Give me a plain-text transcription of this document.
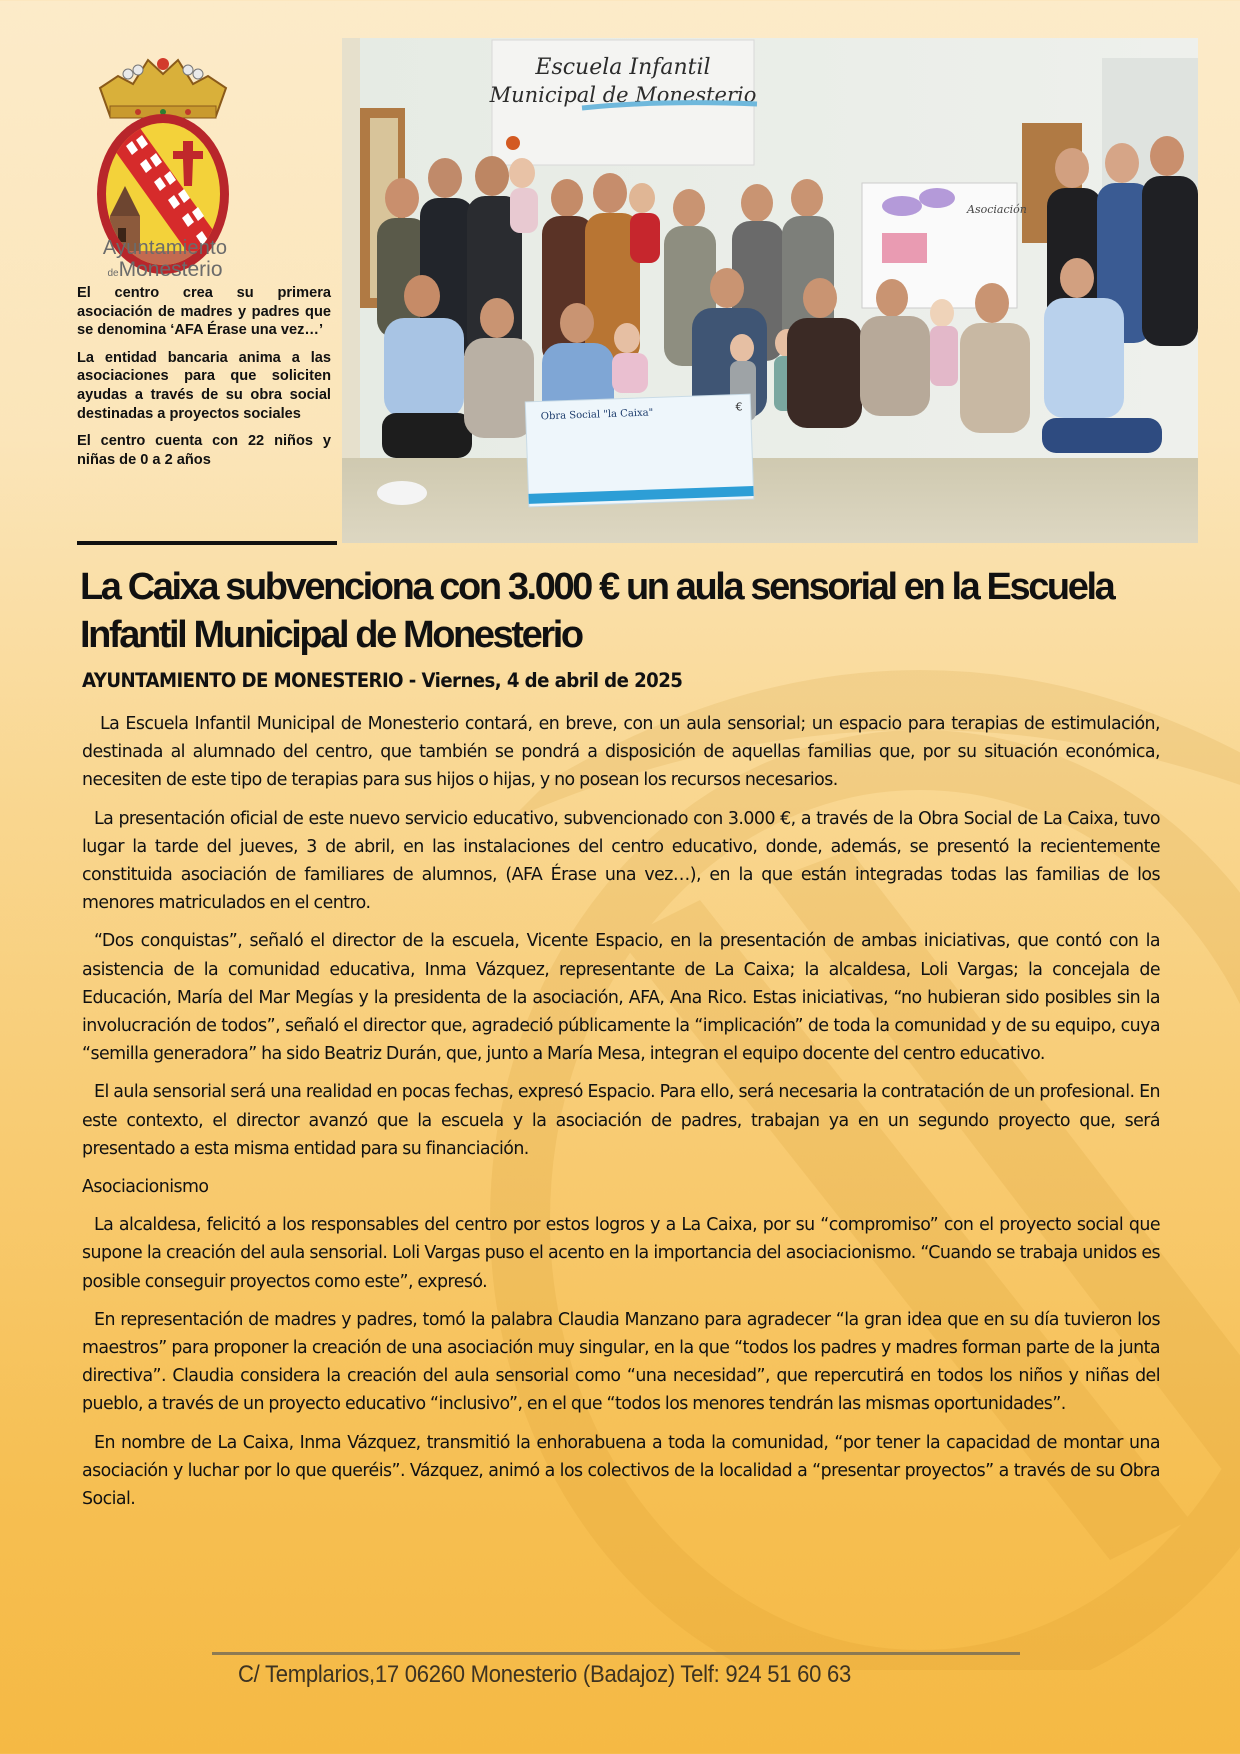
Ayuntamiento
deMonesterio

El centro crea su primera asociación de madres y padres que se denomina ‘AFA Érase una vez…’

La entidad bancaria anima a las asociaciones para que soliciten ayudas a través de su obra social destinadas a proyectos sociales

El centro cuenta con 22 niños y niñas de 0 a 2 años

Escuela Infantil
Municipal de Monesterio
Asociación
Obra Social "la Caixa"
€
La Caixa subvenciona con 3.000 € un aula sensorial en la Escuela Infantil Municipal de Monesterio
AYUNTAMIENTO DE MONESTERIO - Viernes, 4 de abril de 2025

La Escuela Infantil Municipal de Monesterio contará, en breve, con un aula sensorial; un espacio para terapias de estimulación, destinada al alumnado del centro, que también se pondrá a disposición de aquellas familias que, por su situación económica, necesiten de este tipo de terapias para sus hijos o hijas, y no posean los recursos necesarios.

La presentación oficial de este nuevo servicio educativo, subvencionado con 3.000 €, a través de la Obra Social de La Caixa, tuvo lugar la tarde del jueves, 3 de abril, en las instalaciones del centro educativo, donde, además, se presentó la recientemente constituida asociación de familiares de alumnos, (AFA Érase una vez…), en la que están integradas todas las familias de los menores matriculados en el centro.

“Dos conquistas”, señaló el director de la escuela, Vicente Espacio, en la presentación de ambas iniciativas, que contó con la asistencia de la comunidad educativa, Inma Vázquez, representante de La Caixa; la alcaldesa, Loli Vargas; la concejala de Educación, María del Mar Megías y la presidenta de la asociación, AFA, Ana Rico. Estas iniciativas, “no hubieran sido posibles sin la involucración de todos”, señaló el director que, agradeció públicamente la “implicación” de toda la comunidad y de su equipo, cuya “semilla generadora” ha sido Beatriz Durán, que, junto a María Mesa, integran el equipo docente del centro educativo.

El aula sensorial será una realidad en pocas fechas, expresó Espacio. Para ello, será necesaria la contratación de un profesional. En este contexto, el director avanzó que la escuela y la asociación de padres, trabajan ya en un segundo proyecto que, será presentado a esta misma entidad para su financiación.

Asociacionismo

La alcaldesa, felicitó a los responsables del centro por estos logros y a La Caixa, por su “compromiso” con el proyecto social que supone la creación del aula sensorial. Loli Vargas puso el acento en la importancia del asociacionismo. “Cuando se trabaja unidos es posible conseguir proyectos como este”, expresó.

En representación de madres y padres, tomó la palabra Claudia Manzano para agradecer “la gran idea que en su día tuvieron los maestros” para proponer la creación de una asociación muy singular, en la que “todos los padres y madres forman parte de la junta directiva”. Claudia considera la creación del aula sensorial como “una necesidad”, que repercutirá en todos los niños y niñas del pueblo, a través de un proyecto educativo “inclusivo”, en el que “todos los menores tendrán las mismas oportunidades”.

En nombre de La Caixa, Inma Vázquez, transmitió la enhorabuena a toda la comunidad, “por tener la capacidad de montar una asociación y luchar por lo que queréis”. Vázquez, animó a los colectivos de la localidad a “presentar proyectos” a través de su Obra Social.

C/ Templarios,17 06260 Monesterio (Badajoz) Telf: 924 51 60 63
